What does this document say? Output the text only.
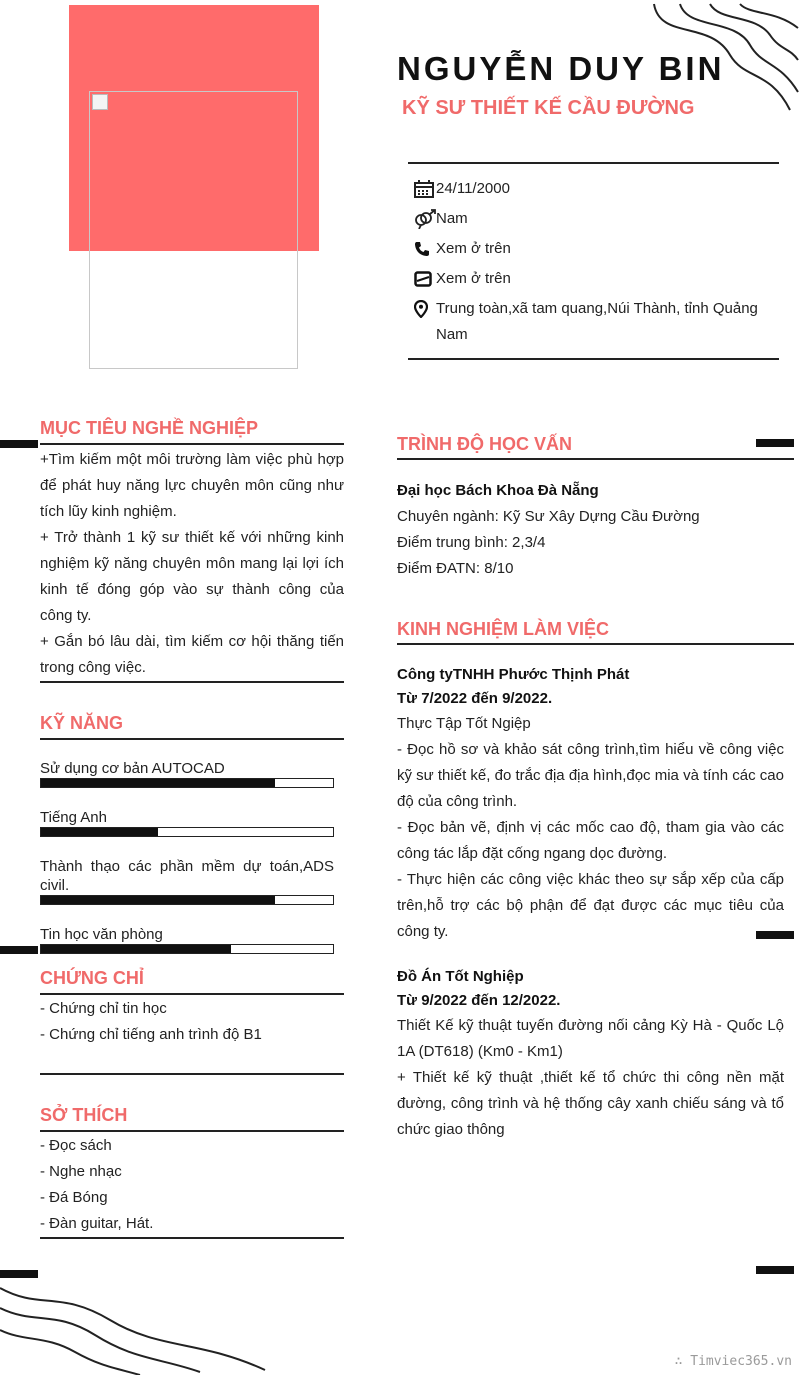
NGUYỄN DUY BIN
KỸ SƯ THIẾT KẾ CẦU ĐƯỜNG
24/11/2000
Nam
Xem ở trên
Xem ở trên
Trung toàn,xã tam quang,Núi Thành, tỉnh Quảng Nam
MỤC TIÊU NGHỀ NGHIỆP

+Tìm kiếm một môi trường làm việc phù hợp để phát huy năng lực chuyên môn cũng như tích lũy kinh nghiệm.

+ Trở thành 1 kỹ sư thiết kế với những kinh nghiệm kỹ năng chuyên môn mang lại lợi ích kinh tế đóng góp vào sự thành công của công ty.

+ Gắn bó lâu dài, tìm kiếm cơ hội thăng tiến trong công việc.

KỸ NĂNG
Sử dụng cơ bản AUTOCAD
Tiếng Anh
Thành thạo các phần mềm dự toán,ADS civil.
Tin học văn phòng
CHỨNG CHỈ

- Chứng chỉ tin học

- Chứng chỉ tiếng anh trình độ B1

SỞ THÍCH

- Đọc sách

- Nghe nhạc

- Đá Bóng

- Đàn guitar, Hát.

TRÌNH ĐỘ HỌC VẤN

Đại học Bách Khoa Đà Nẵng

Chuyên ngành: Kỹ Sư Xây Dựng Cầu Đường

Điểm trung bình: 2,3/4

Điểm ĐATN: 8/10

KINH NGHIỆM LÀM VIỆC

Công tyTNHH Phước Thịnh Phát

Từ 7/2022 đến 9/2022.

Thực Tập Tốt Ngiệp

- Đọc hồ sơ và khảo sát công trình,tìm hiểu về công việc kỹ sư thiết kế, đo trắc địa địa hình,đọc mia và tính các cao độ của công trình.

- Đọc bản vẽ, định vị các mốc cao độ, tham gia vào các công tác lắp đặt cống ngang dọc đường.

- Thực hiện các công việc khác theo sự sắp xếp của cấp trên,hỗ trợ các bộ phận để đạt được các mục tiêu của công ty.

Đồ Án Tốt Nghiệp

Từ 9/2022 đến 12/2022.

Thiết Kế kỹ thuật tuyến đường nối cảng Kỳ Hà - Quốc Lộ 1A (DT618) (Km0 - Km1)

+ Thiết kế kỹ thuật ,thiết kế tổ chức thi công nền mặt đường, công trình và hệ thống cây xanh chiếu sáng và tổ chức giao thông

∴ Timviec365.vn
